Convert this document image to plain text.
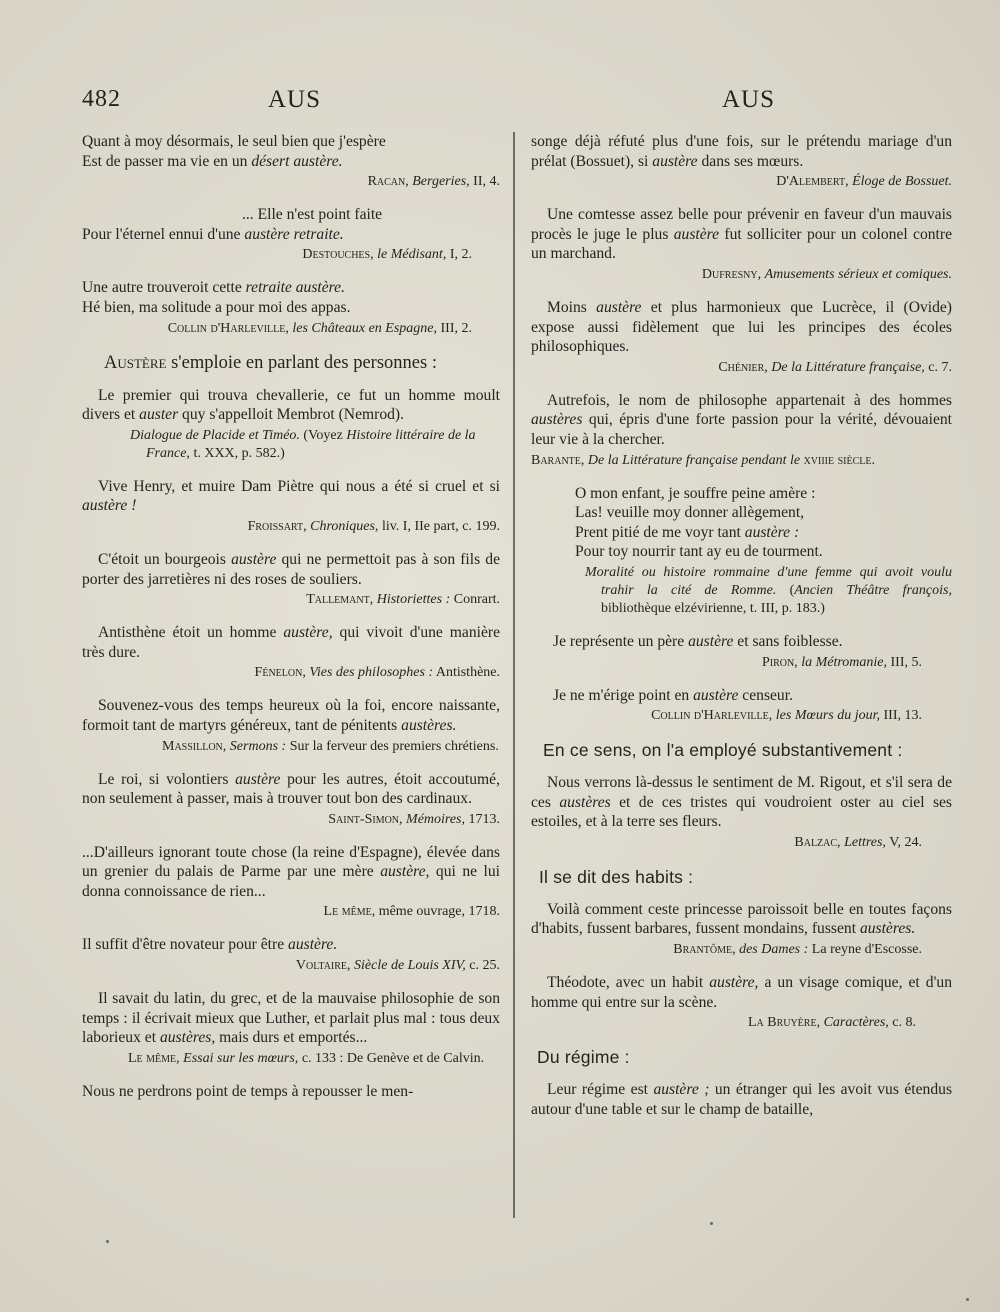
482	AUS	AUS

Quant à moy désormais, le seul bien que j'espère

Est de passer ma vie en un désert austère.

Racan, Bergeries, II, 4.

... Elle n'est point faite

Pour l'éternel ennui d'une austère retraite.

Destouches, le Médisant, I, 2.

Une autre trouveroit cette retraite austère.

Hé bien, ma solitude a pour moi des appas.

Collin d'Harleville, les Châteaux en Espagne, III, 2.

Austère s'emploie en parlant des personnes :

Le premier qui trouva chevallerie, ce fut un homme moult divers et auster quy s'appelloit Membrot (Nemrod).

Dialogue de Placide et Timéo. (Voyez Histoire littéraire de la France, t. XXX, p. 582.)

Vive Henry, et muire Dam Piètre qui nous a été si cruel et si austère !

Froissart, Chroniques, liv. I, IIe part, c. 199.

C'étoit un bourgeois austère qui ne permettoit pas à son fils de porter des jarretières ni des roses de souliers.

Tallemant, Historiettes : Conrart.

Antisthène étoit un homme austère, qui vivoit d'une manière très dure.

Fénelon, Vies des philosophes : Antisthène.

Souvenez-vous des temps heureux où la foi, encore naissante, formoit tant de martyrs généreux, tant de pénitents austères.

Massillon, Sermons : Sur la ferveur des premiers chrétiens.

Le roi, si volontiers austère pour les autres, étoit accoutumé, non seulement à passer, mais à trouver tout bon des cardinaux.

Saint-Simon, Mémoires, 1713.

...D'ailleurs ignorant toute chose (la reine d'Espagne), élevée dans un grenier du palais de Parme par une mère austère, qui ne lui donna connoissance de rien...

Le même, même ouvrage, 1718.

Il suffit d'être novateur pour être austère.

Voltaire, Siècle de Louis XIV, c. 25.

Il savait du latin, du grec, et de la mauvaise philosophie de son temps : il écrivait mieux que Luther, et parlait plus mal : tous deux laborieux et austères, mais durs et emportés...

Le même, Essai sur les mœurs, c. 133 : De Genève et de Calvin.

Nous ne perdrons point de temps à repousser le men-

songe déjà réfuté plus d'une fois, sur le prétendu mariage d'un prélat (Bossuet), si austère dans ses mœurs.

D'Alembert, Éloge de Bossuet.

Une comtesse assez belle pour prévenir en faveur d'un mauvais procès le juge le plus austère fut solliciter pour un colonel contre un marchand.

Dufresny, Amusements sérieux et comiques.

Moins austère et plus harmonieux que Lucrèce, il (Ovide) expose aussi fidèlement que lui les principes des écoles philosophiques.

Chénier, De la Littérature française, c. 7.

Autrefois, le nom de philosophe appartenait à des hommes austères qui, épris d'une forte passion pour la vérité, dévouaient leur vie à la chercher.

Barante, De la Littérature française pendant le xviiie siècle.

O mon enfant, je souffre peine amère :

Las! veuille moy donner allègement,

Prent pitié de me voyr tant austère :

Pour toy nourrir tant ay eu de tourment.

Moralité ou histoire rommaine d'une femme qui avoit voulu trahir la cité de Romme. (Ancien Théâtre françois, bibliothèque elzévirienne, t. III, p. 183.)

Je représente un père austère et sans foiblesse.

Piron, la Métromanie, III, 5.

Je ne m'érige point en austère censeur.

Collin d'Harleville, les Mœurs du jour, III, 13.

En ce sens, on l'a employé substantivement :

Nous verrons là-dessus le sentiment de M. Rigout, et s'il sera de ces austères et de ces tristes qui voudroient oster au ciel ses estoiles, et à la terre ses fleurs.

Balzac, Lettres, V, 24.

Il se dit des habits :

Voilà comment ceste princesse paroissoit belle en toutes façons d'habits, fussent barbares, fussent mondains, fussent austères.

Brantôme, des Dames : La reyne d'Escosse.

Théodote, avec un habit austère, a un visage comique, et d'un homme qui entre sur la scène.

La Bruyère, Caractères, c. 8.

Du régime :

Leur régime est austère ; un étranger qui les avoit vus étendus autour d'une table et sur le champ de bataille,
